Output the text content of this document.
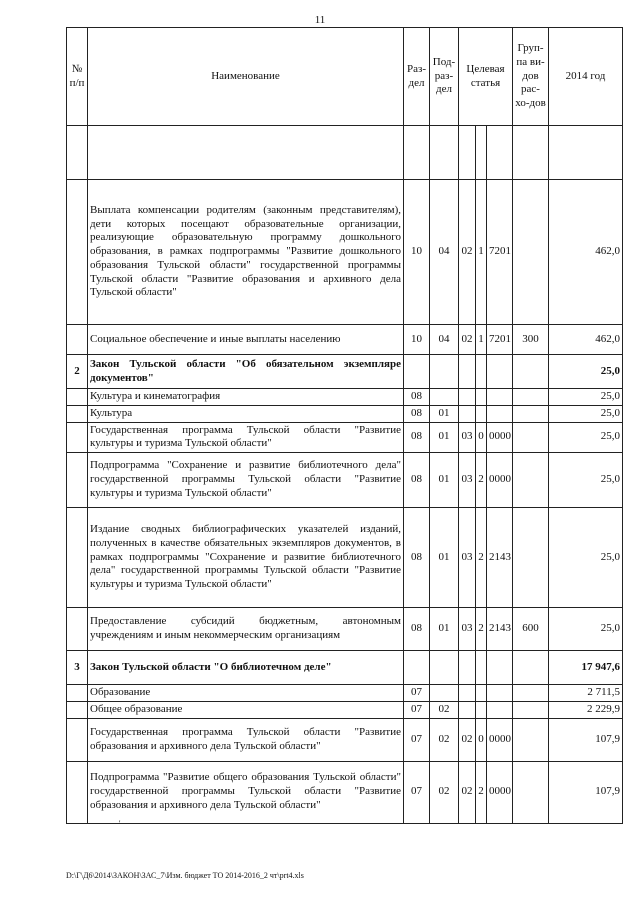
11
№ п/п	Наименование	Раз-дел	Под-раз-дел	Целевая статья			Груп-па ви-дов рас-хо-дов	2014 год

	Выплата компенсации родителям (законным представителям), дети которых посещают образовательные организации, реализующие образовательную программу дошкольного образования, в рамках подпрограммы "Развитие дошкольного образования Тульской области" государственной программы Тульской области "Развитие образования и архивного дела Тульской области"	10	04	02	1	7201		462,0
	Социальное обеспечение и иные выплаты населению	10	04	02	1	7201	300	462,0
2	Закон Тульской области "Об обязательном экземпляре документов"							25,0
	Культура и кинематография	08						25,0
	Культура	08	01					25,0
	Государственная программа Тульской области "Развитие культуры и туризма Тульской области"	08	01	03	0	0000		25,0
	Подпрограмма "Сохранение и развитие библиотечного дела" государственной программы Тульской области "Развитие культуры и туризма Тульской области"	08	01	03	2	0000		25,0
	Издание сводных библиографических указателей изданий, полученных в качестве обязательных экземпляров документов, в рамках подпрограммы "Сохранение и развитие библиотечного дела" государственной программы Тульской области "Развитие культуры и туризма Тульской области"	08	01	03	2	2143		25,0
	Предоставление субсидий бюджетным, автономным учреждениям и иным некоммерческим организациям	08	01	03	2	2143	600	25,0
3	Закон Тульской области "О библиотечном деле"							17 947,6
	Образование	07						2 711,5
	Общее образование	07	02					2 229,9
	Государственная программа Тульской области "Развитие образования и архивного дела Тульской области"	07	02	02	0	0000		107,9
	Подпрограмма "Развитие общего образования Тульской области" государственной программы Тульской области "Развитие образования и архивного дела Тульской области"	07	02	02	2	0000		107,9
'
D:\Г\Д6\2014\ЗАКОН\ЗАС_7\Изм. бюджет ТО 2014-2016_2 чт\prt4.xls
